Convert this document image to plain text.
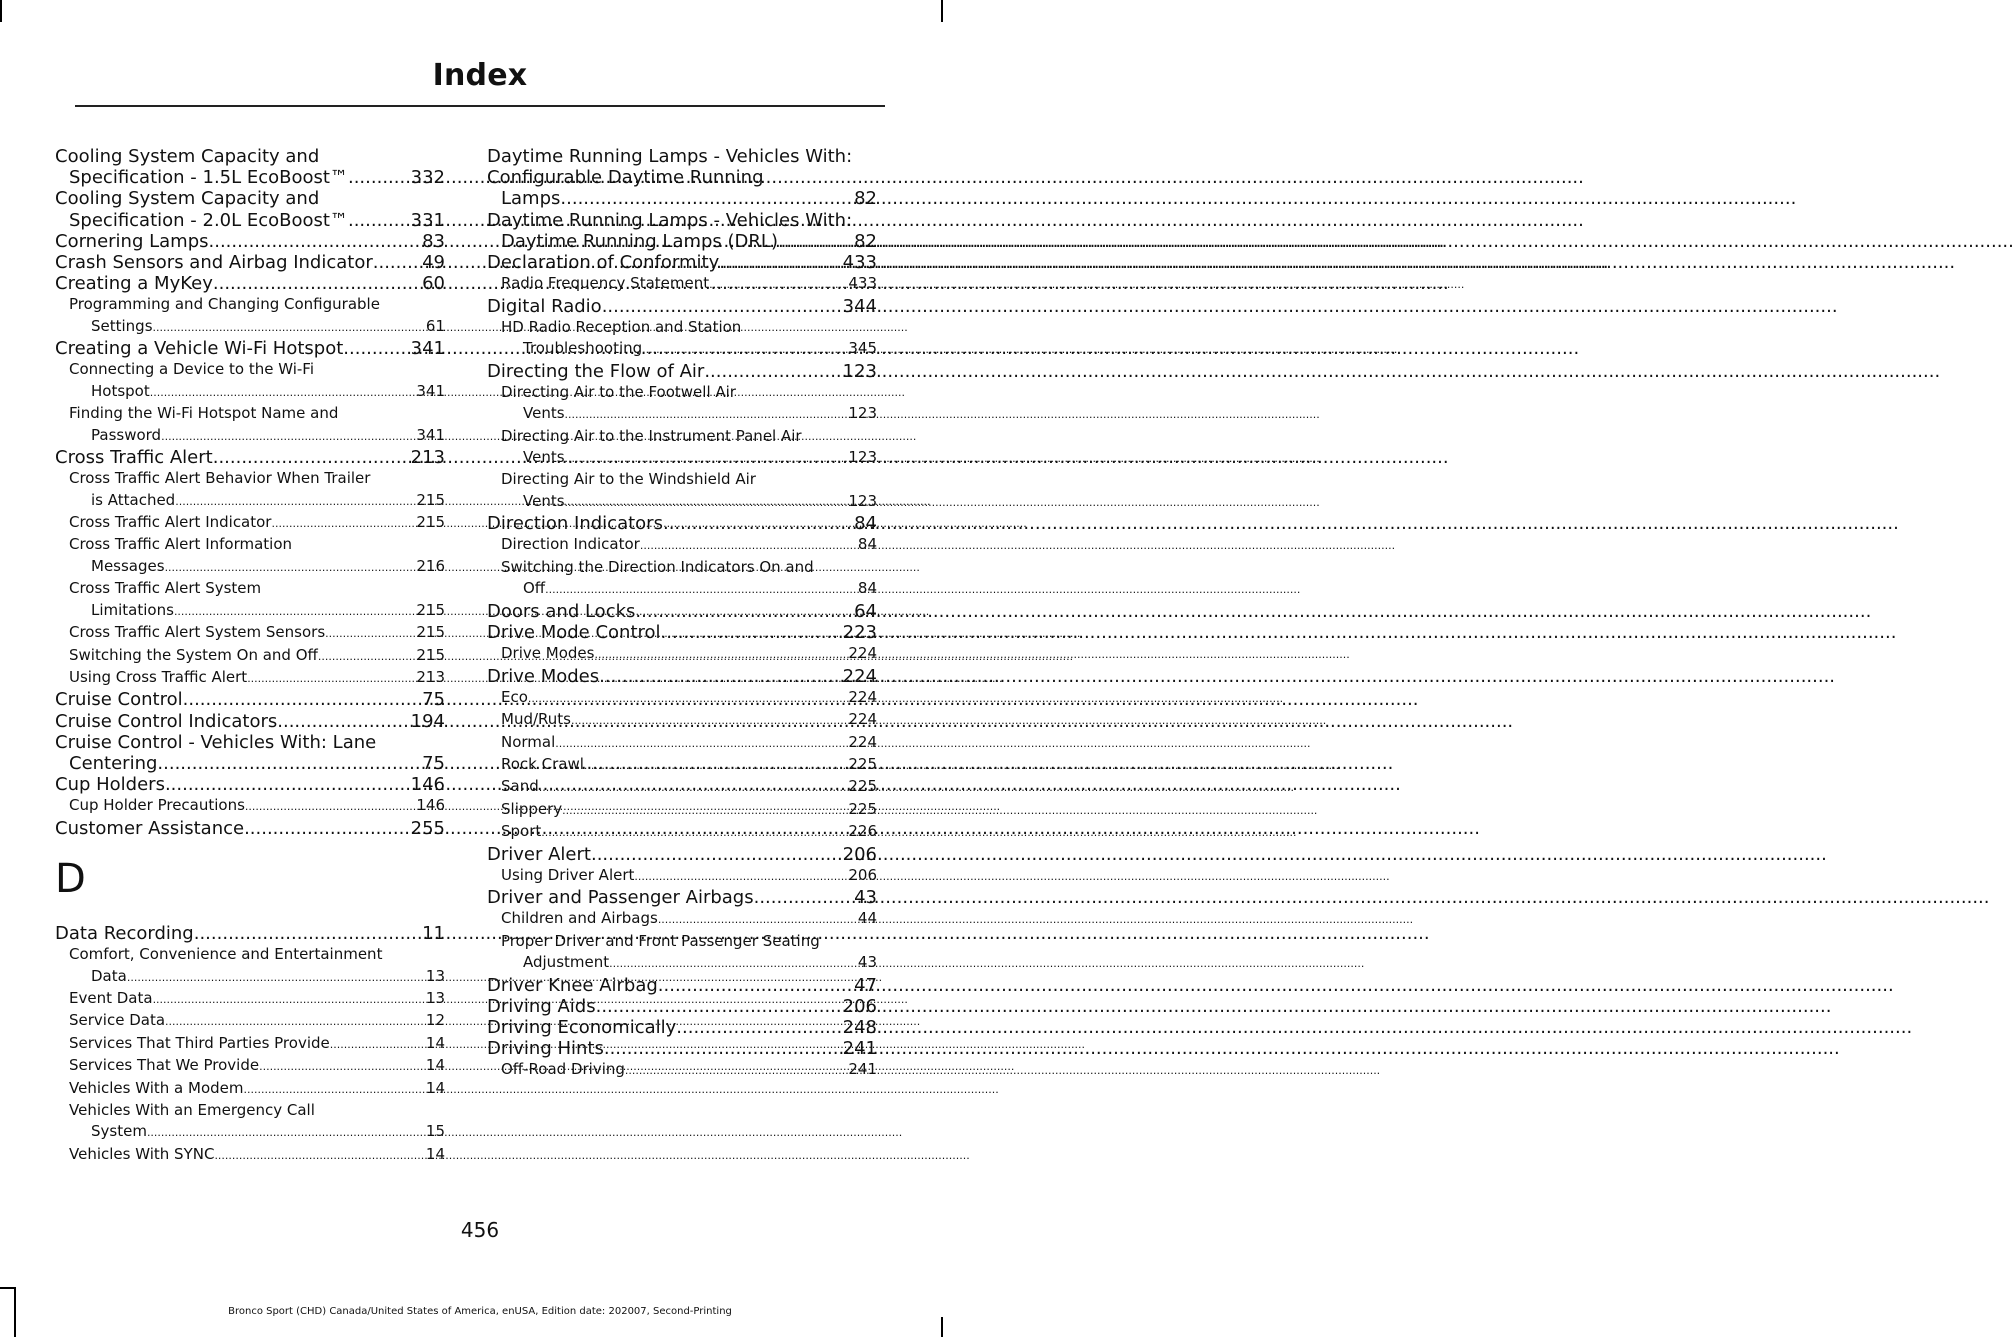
Index
Cooling System Capacity and
Specification - 1.5L EcoBoost™ .....	332
Cooling System Capacity and
Specification - 2.0L EcoBoost™ .....	331
Cornering Lamps .....	83
Crash Sensors and Airbag Indicator .....	49
Creating a MyKey .....	60
Programming and Changing Configurable
Settings .....	61
Creating a Vehicle Wi-Fi Hotspot .....	341
Connecting a Device to the Wi-Fi
Hotspot .....	341
Finding the Wi-Fi Hotspot Name and
Password .....	341
Cross Traffic Alert .....	213
Cross Traffic Alert Behavior When Trailer
is Attached .....	215
Cross Traffic Alert Indicator .....	215
Cross Traffic Alert Information
Messages .....	216
Cross Traffic Alert System
Limitations .....	215
Cross Traffic Alert System Sensors .....	215
Switching the System On and Off .....	215
Using Cross Traffic Alert .....	213
Cruise Control .....	75
Cruise Control Indicators .....	194
Cruise Control - Vehicles With: Lane
Centering .....	75
Cup Holders .....	146
Cup Holder Precautions .....	146
Customer Assistance .....	255
D
Data Recording .....	11
Comfort, Convenience and Entertainment
Data .....	13
Event Data .....	13
Service Data .....	12
Services That Third Parties Provide .....	14
Services That We Provide .....	14
Vehicles With a Modem .....	14
Vehicles With an Emergency Call
System .....	15
Vehicles With SYNC .....	14
Daytime Running Lamps - Vehicles With:
Configurable Daytime Running
Lamps .....	82
Daytime Running Lamps - Vehicles With:
Daytime Running Lamps (DRL) .....	82
Declaration of Conformity .....	433
Radio Frequency Statement .....	433
Digital Radio .....	344
HD Radio Reception and Station
Troubleshooting .....	345
Directing the Flow of Air .....	123
Directing Air to the Footwell Air
Vents .....	123
Directing Air to the Instrument Panel Air
Vents .....	123
Directing Air to the Windshield Air
Vents .....	123
Direction Indicators .....	84
Direction Indicator .....	84
Switching the Direction Indicators On and
Off .....	84
Doors and Locks .....	64
Drive Mode Control .....	223
Drive Modes .....	224
Drive Modes .....	224
Eco .....	224
Mud/Ruts .....	224
Normal .....	224
Rock Crawl .....	225
Sand .....	225
Slippery .....	225
Sport .....	226
Driver Alert .....	206
Using Driver Alert .....	206
Driver and Passenger Airbags .....	43
Children and Airbags .....	44
Proper Driver and Front Passenger Seating
Adjustment .....	43
Driver Knee Airbag .....	47
Driving Aids .....	206
Driving Economically .....	248
Driving Hints .....	241
Off-Road Driving .....	241
456
Bronco Sport (CHD) Canada/United States of America, enUSA, Edition date: 202007, Second-Printing
